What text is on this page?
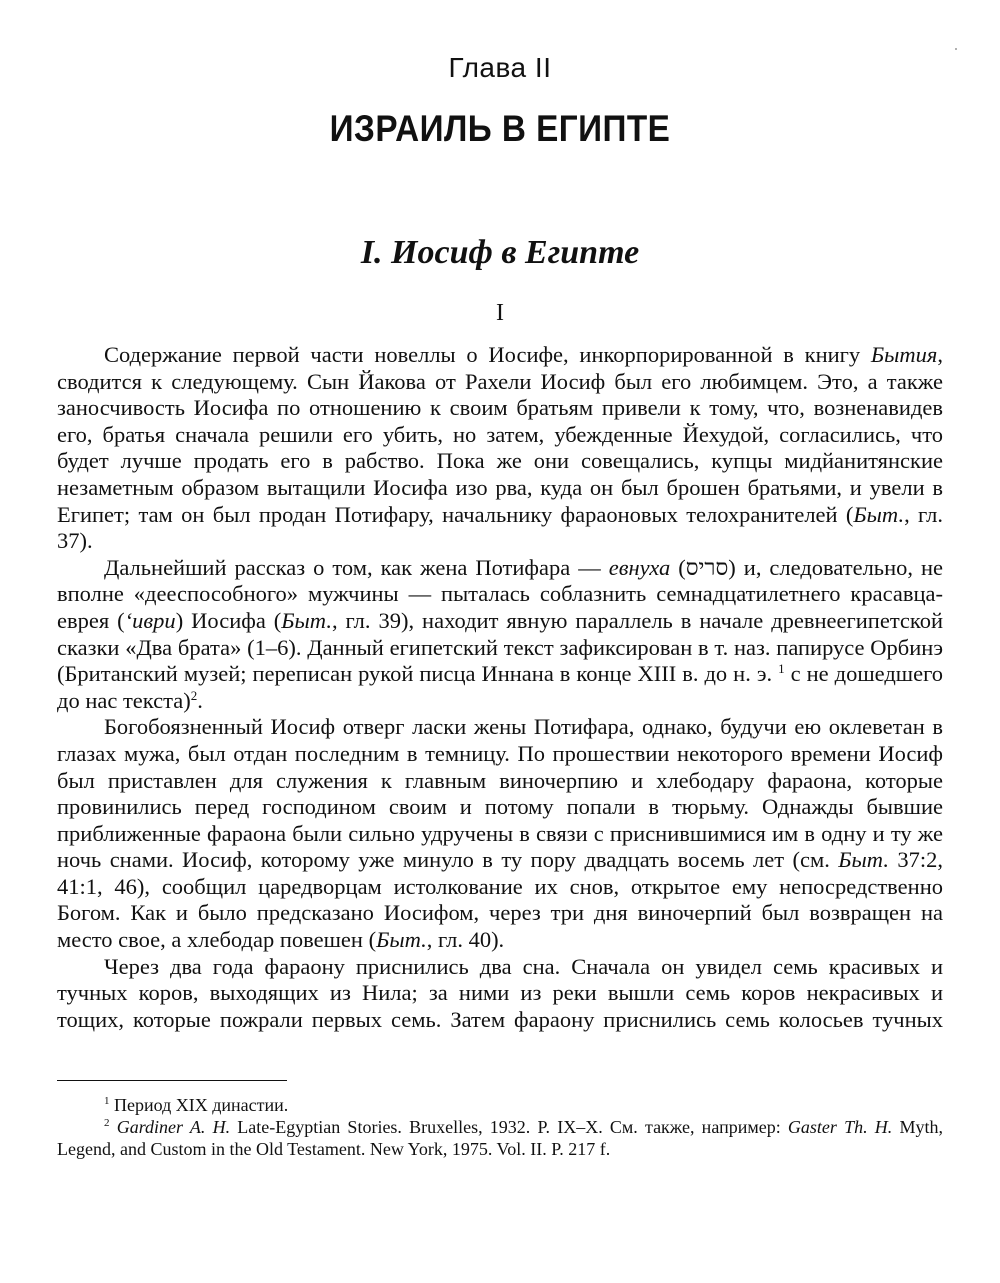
Глава II
ИЗРАИЛЬ В ЕГИПТЕ
I. Иосиф в Египте
I

Содержание первой части новеллы о Иосифе, инкорпорированной в книгу Бытия, сводится к следующему. Сын Йакова от Рахели Иосиф был его любимцем. Это, а также заносчивость Иосифа по отношению к своим братьям привели к тому, что, возненавидев его, братья сначала решили его убить, но затем, убежденные Йехудой, согласились, что будет лучше продать его в рабство. Пока же они совещались, купцы мидйанитянские незаметным образом вытащили Иосифа изо рва, куда он был брошен братьями, и увели в Египет; там он был продан Потифару, начальнику фараоновых телохранителей (Быт., гл. 37).

Дальнейший рассказ о том, как жена Потифара — евнуха (סריס) и, следовательно, не вполне «дееспособного» мужчины — пыталась соблазнить семнадцатилетнего красавца-еврея (‘иври) Иосифа (Быт., гл. 39), находит явную параллель в начале древнеегипетской сказки «Два брата» (1–6). Данный египетский текст зафиксирован в т. наз. папирусе Орбинэ (Британский музей; переписан рукой писца Иннана в конце XIII в. до н. э. $^1$ с не дошедшего до нас текста)$^2$.

Богобоязненный Иосиф отверг ласки жены Потифара, однако, будучи ею оклеветан в глазах мужа, был отдан последним в темницу. По прошествии некоторого времени Иосиф был приставлен для служения к главным виночерпию и хлебодару фараона, которые провинились перед господином своим и потому попали в тюрьму. Однажды бывшие приближенные фараона были сильно удручены в связи с приснившимися им в одну и ту же ночь снами. Иосиф, которому уже минуло в ту пору двадцать восемь лет (см. Быт. 37:2, 41:1, 46), сообщил царедворцам истолкование их снов, открытое ему непосредственно Богом. Как и было предсказано Иосифом, через три дня виночерпий был возвращен на место свое, а хлебодар повешен (Быт., гл. 40).

Через два года фараону приснились два сна. Сначала он увидел семь красивых и тучных коров, выходящих из Нила; за ними из реки вышли семь коров некрасивых и тощих, которые пожрали первых семь. Затем фараону приснились семь колосьев тучных

$^1$ Период XIX династии.

$^2$ Gardiner A. H. Late-Egyptian Stories. Bruxelles, 1932. P. IX–X. См. также, например: Gaster Th. H. Myth, Legend, and Custom in the Old Testament. New York, 1975. Vol. II. P. 217 f.
